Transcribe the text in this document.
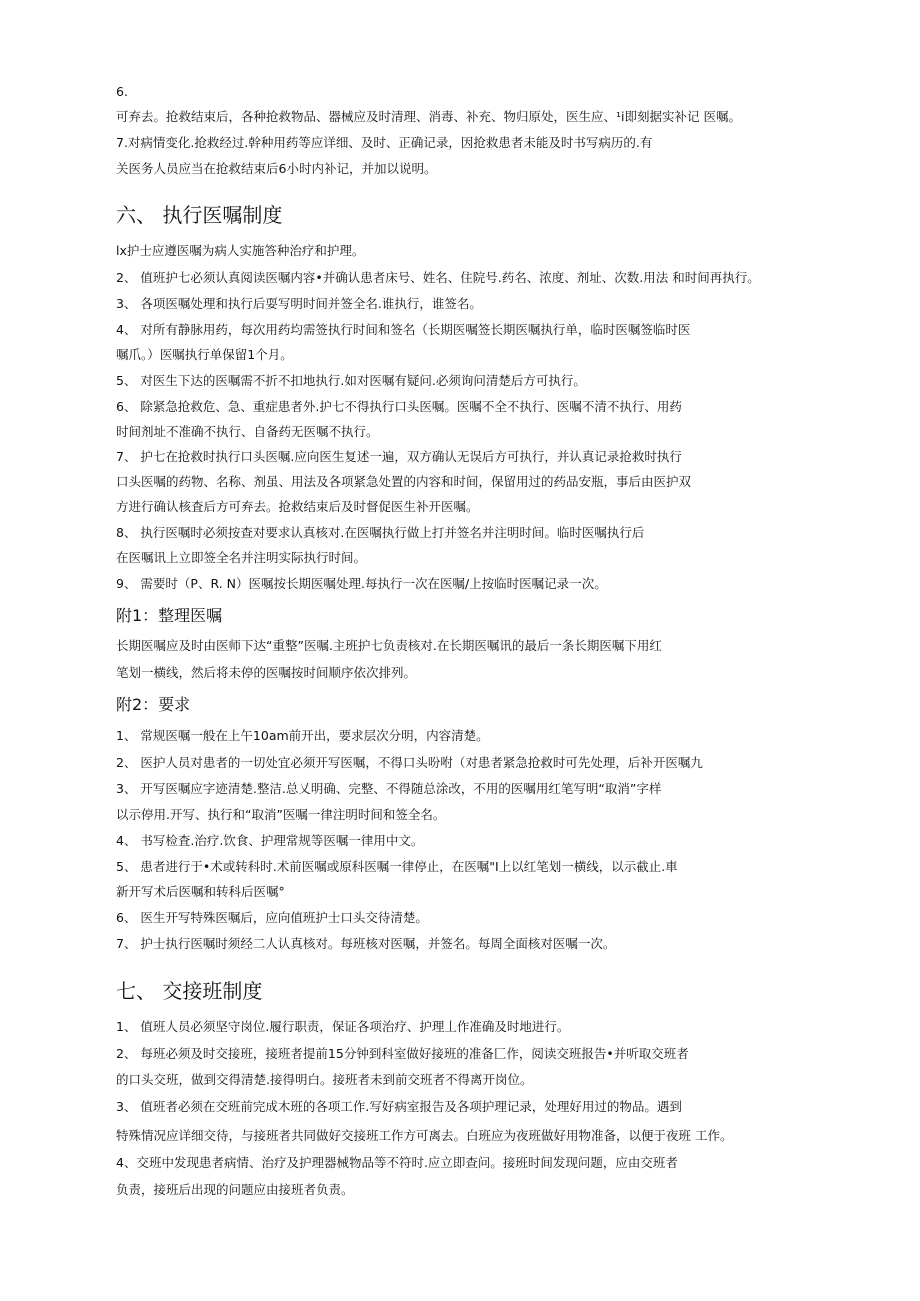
6.

可弃去。抢救结束后，各种抢救物品、器械应及时清理、消毒、补充、物归原处，医生应、¹i即刻据实补记 医嘱。

7.对病情变化.抢救经过.幹种用药等应详细、及时、正确记录，因抢救患者未能及时书写病历的.有

关医务人员应当在抢救结束后6小时内补记，并加以说明。

六、 执行医嘱制度

lx护士应遵医嘱为病人实施答种治疗和护理。

2、 值班护七必须认真阅读医嘱内容•并确认患者床号、姓名、住院号.药名、浓度、剂址、次数.用法 和时间再执行。

3、 各项医嘱处理和执行后耍写明时间并签全名.谁执行，谁签名。

4、 对所有静脉用药，每次用药均需签执行时间和签名（长期医嘱签长期医嘱执行单，临时医嘱签临时医

嘱爪。）医嘱执行单保留1个月。

5、 对医生下达的医嘱需不折不扣地执行.如对医嘱有疑问.必须询问清楚后方可执行。

6、 除紧急抢救危、急、重症患者外.护七不得执行口头医嘱。医嘱不全不执行、医嘱不清不执行、用药

时间剂址不准确不执行、自备药无医嘱不执行。

7、 护七在抢救时执行口头医嘱.应向医生复述一遍，双方确认无误后方可执行，并认真记录抢救时执行

口头医嘱的药物、名称、剂虽、用法及各项紧急处置的内容和时间，保留用过的药品安瓶，事后由医护双

方进行确认核査后方可弃去。抢救结束后及时督促医生补开医嘱。

8、 执行医嘱时必须按查对要求认真核对.在医嘱执行做上打并签名并注明时间。临时医嘱执行后

在医嘱讯上立即签全名并注明实际执行时间。

9、 需要时（P、R. N）医嘱按长期医嘱处理.每执行一次在医嘱/上按临时医嘱记录一次。

附1：整理医嘱

长期医嘱应及时由医师下达“重整”医嘱.主班护七负责核对.在长期医嘱讯的最后一条长期医嘱下用红

笔划一横线，然后将未停的医嘱按时间顺序依次排列。

附2：要求

1、 常规医嘱一般在上午10am前开出，要求层次分明，内容清楚。

2、 医护人员对患者的一切处宜必须开写医嘱，不得口头吩咐（对患者紧急抢救时可先处理，后补开医嘱九

3、 开写医嘱应字迹清楚.整洁.总乂明确、完整、不得随总涂改，不用的医嘱用红笔写明“取消”字样

以示停用.开写、执行和“取消”医嘱一律注明时间和签全名。

4、 书写检査.治疗.饮食、护理常规等医嘱一律用中文。

5、 患者进行于•术或转科时.术前医嘱或原科医嘱一律停止，在医嘱"I上以红笔划一横线，以示截止.車

新开写术后医嘱和转科后医嘱°

6、 医生开写特殊医嘱后，应向值班护士口头交待清楚。

7、 护士执行医嘱时须经二人认真核对。每班核对医嘱，并签名。每周全面核对医嘱一次。

七、 交接班制度

1、 值班人员必须坚守岗位.履行职责，保证各项治疗、护理丄作准确及时地进行。

2、 每班必须及时交接班，接班者提前15分钟到科室做好接班的准备匚作，阅读交班报告•并听取交班者

的口头交班，做到交得清楚.接得明白。接班者未到前交班者不得离开岗位。

3、 值班者必须在交班前完成木班的各项工作.写好病室报告及各项护理记录，处理好用过的物品。遇到

特殊情况应详细交待，与接班者共同做好交接班工作方可离去。白班应为夜班做好用物准备，以便于夜班 工作。

4、交班中发现患者病情、治疗及护理器械物品等不符时.应立即查问。接班时间发现问题，应由交班者

负责，接班后出现的问题应由接班者负责。
